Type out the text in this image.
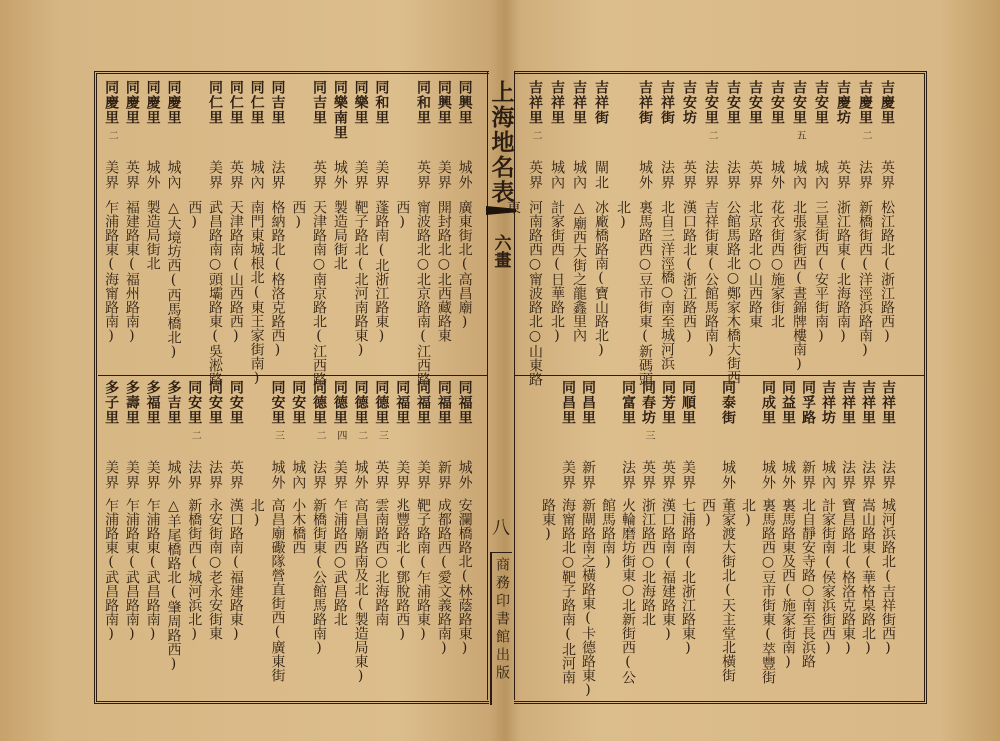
上海地名表
六畫
八
商務印書館出版
吉慶里
英界
松江路北(浙江路西)
吉慶里
二
法界
新橋街西(洋涇浜路南)
吉慶坊
英界
浙江路東(北海路南)
吉安里
城內
三星街西(安平街南)
吉安里
五
城內
北張家街西(晝錦牌樓南)
吉安里
城外
花衣街西○施家街北
吉安里
英界
北京路北○山西路東
吉安里
法界
公館馬路北○鄭家木橋大街西
吉安里
二
法界
吉祥街東(公館馬路南)
吉安坊
英界
漢口路北(浙江路西)
吉祥街
法界
北自三洋涇橋○南至城河浜
吉祥街
城外
裏馬路西○豆市街東(新碼頭
北)
吉祥街
閘北
冰廠橋路南(寶山路北)
吉祥里
城內
△廟西大街之龍鑫里內
吉祥里
城內
計家街西(日華路北)
吉祥里
二
英界
河南路西○甯波路北○山東路
東
吉祥里
法界
城河浜路北(吉祥街西)
吉祥里
法界
嵩山路東(華格臬路北)
吉祥里
法界
寶昌路北(格洛克路東)
吉祥坊
城內
計家街南(侯家浜街西)
同孚路
新界
北自靜安寺路○南至長浜路
同益里
城外
裏馬路東及西(施家街南)
同成里
城外
裏馬路西○豆市街東(萃豐街
北)
同泰街
城外
董家渡大街北(天主堂北橫街
西)
同順里
美界
七浦路南(北浙江路東)
同芳里
英界
漢口路南(福建路東)
同春坊
三
英界
浙江路西○北海路北
同富里
法界
火輪磨坊街東○北新街西(公
館馬路南)
同昌里
新界
新閘路南之橫路東(卡德路東)
同昌里
美界
海甯路北○靶子路南(北河南
路東)
同興里
城外
廣東街北(高昌廟)
同興里
美界
開封路北○北西藏路東
同和里
英界
甯波路北○北京路南(江西路
西)
同和里
美界
蓬路南(北浙江路東)
同樂里
美界
靶子路北(北河南路東)
同樂南里
城外
製造局街北
同吉里
英界
天津路南○南京路北(江西路
西)
同吉里
法界
格納路北(格洛克路西)
同仁里
城內
南門東城根北(東王家街南)
同仁里
英界
天津路南(山西路西)
同仁里
美界
武昌路南○頭壩路東(吳淞路
西)
同慶里
城內
△大境坊西(西馬橋北)
同慶里
城外
製造局街北
同慶里
英界
福建路東(福州路南)
同慶里
二
美界
乍浦路東(海甯路南)
同福里
城外
安瀾橋路北(林蔭路東)
同福里
新界
成都路西(愛文義路南)
同福里
美界
靶子路南(乍浦路東)
同福里
美界
兆豐路北(鄧脫路西)
同德里
三
英界
雲南路西○北海路南
同德里
二
城外
高昌廟路南及北(製造局東)
同德里
四
美界
乍浦路西○武昌路北
同德里
二
法界
新橋街東(公館馬路南)
同安里
城內
小木橋西
同安里
三
城外
高昌廟礮隊營直街西(廣東街
北)
同安里
英界
漢口路南(福建路東)
同安里
法界
永安街南○老永安街東
同安里
二
法界
新橋街西(城河浜北)
多吉里
城外
△羊尾橋路北(肇周路西)
多福里
美界
乍浦路東(武昌路南)
多壽里
美界
乍浦路東(武昌路南)
多子里
美界
乍浦路東(武昌路南)
